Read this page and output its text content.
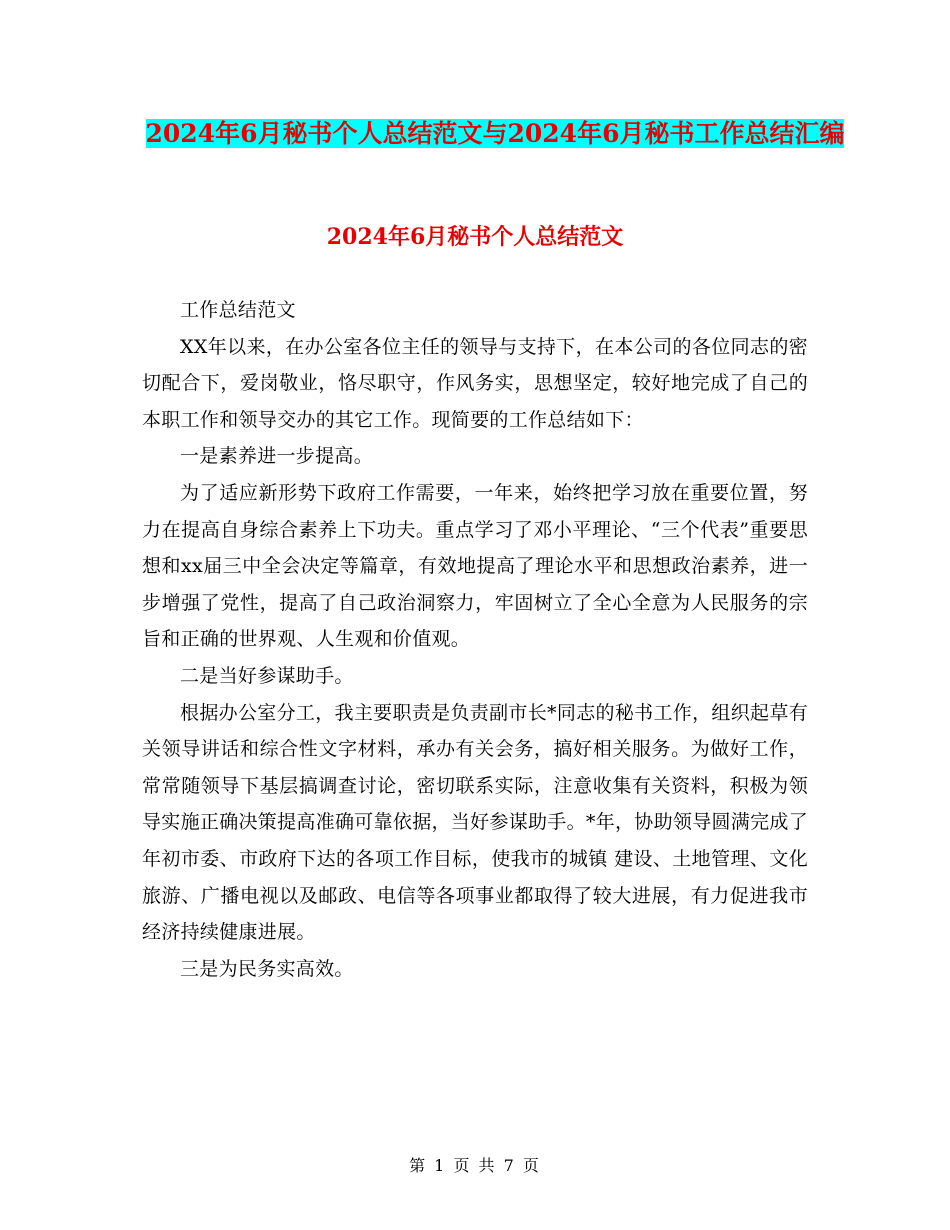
2024年6月秘书个人总结范文与2024年6月秘书工作总结汇编
2024年6月秘书个人总结范文

工作总结范文

XX年以来，在办公室各位主任的领导与支持下，在本公司的各位同志的密切配合下，爱岗敬业，恪尽职守，作风务实，思想坚定，较好地完成了自己的本职工作和领导交办的其它工作。现简要的工作总结如下：

一是素养进一步提高。

为了适应新形势下政府工作需要，一年来，始终把学习放在重要位置，努力在提高自身综合素养上下功夫。重点学习了邓小平理论、“三个代表”重要思想和xx届三中全会决定等篇章，有效地提高了理论水平和思想政治素养，进一步增强了党性，提高了自己政治洞察力，牢固树立了全心全意为人民服务的宗旨和正确的世界观、人生观和价值观。

二是当好参谋助手。

根据办公室分工，我主要职责是负责副市长*同志的秘书工作，组织起草有关领导讲话和综合性文字材料，承办有关会务，搞好相关服务。为做好工作，常常随领导下基层搞调查讨论，密切联系实际，注意收集有关资料，积极为领导实施正确决策提高准确可靠依据，当好参谋助手。*年，协助领导圆满完成了年初市委、市政府下达的各项工作目标，使我市的城镇 建设、土地管理、文化旅游、广播电视以及邮政、电信等各项事业都取得了较大进展，有力促进我市经济持续健康进展。

三是为民务实高效。

第 1 页 共 7 页
